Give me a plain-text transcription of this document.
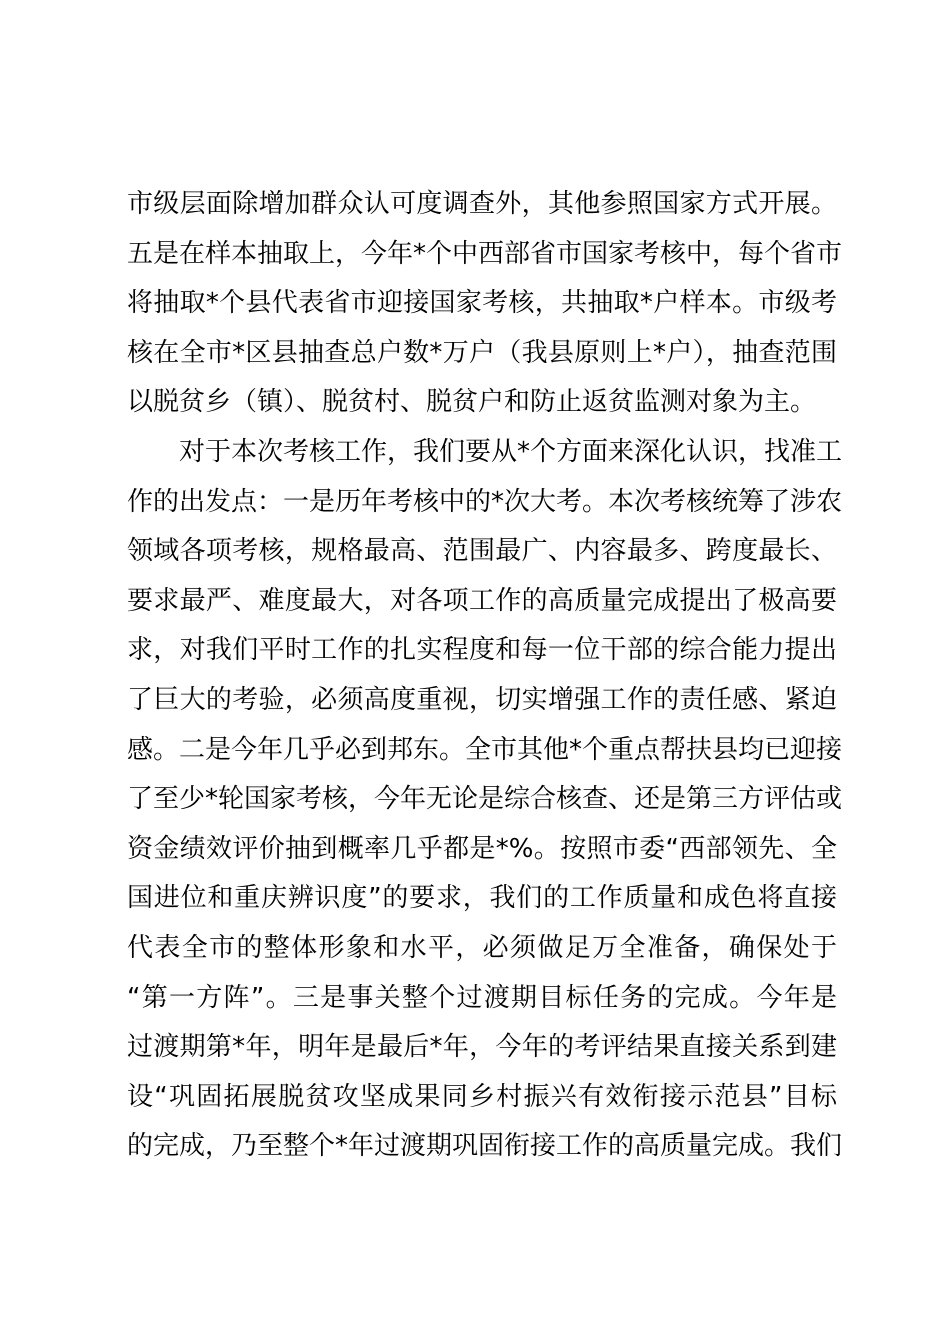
市级层面除增加群众认可度调查外，其他参照国家方式开展。
五是在样本抽取上，今年*个中西部省市国家考核中，每个省市
将抽取*个县代表省市迎接国家考核，共抽取*户样本。市级考
核在全市*区县抽查总户数*万户（我县原则上*户），抽查范围
以脱贫乡（镇）、脱贫村、脱贫户和防止返贫监测对象为主。
对于本次考核工作，我们要从*个方面来深化认识，找准工
作的出发点：一是历年考核中的*次大考。本次考核统筹了涉农
领域各项考核，规格最高、范围最广、内容最多、跨度最长、
要求最严、难度最大，对各项工作的高质量完成提出了极高要
求，对我们平时工作的扎实程度和每一位干部的综合能力提出
了巨大的考验，必须高度重视，切实增强工作的责任感、紧迫
感。二是今年几乎必到邦东。全市其他*个重点帮扶县均已迎接
了至少*轮国家考核，今年无论是综合核查、还是第三方评估或
资金绩效评价抽到概率几乎都是*%。按照市委“西部领先、全
国进位和重庆辨识度”的要求，我们的工作质量和成色将直接
代表全市的整体形象和水平，必须做足万全准备，确保处于
“第一方阵”。三是事关整个过渡期目标任务的完成。今年是
过渡期第*年，明年是最后*年，今年的考评结果直接关系到建
设“巩固拓展脱贫攻坚成果同乡村振兴有效衔接示范县”目标
的完成，乃至整个*年过渡期巩固衔接工作的高质量完成。我们
